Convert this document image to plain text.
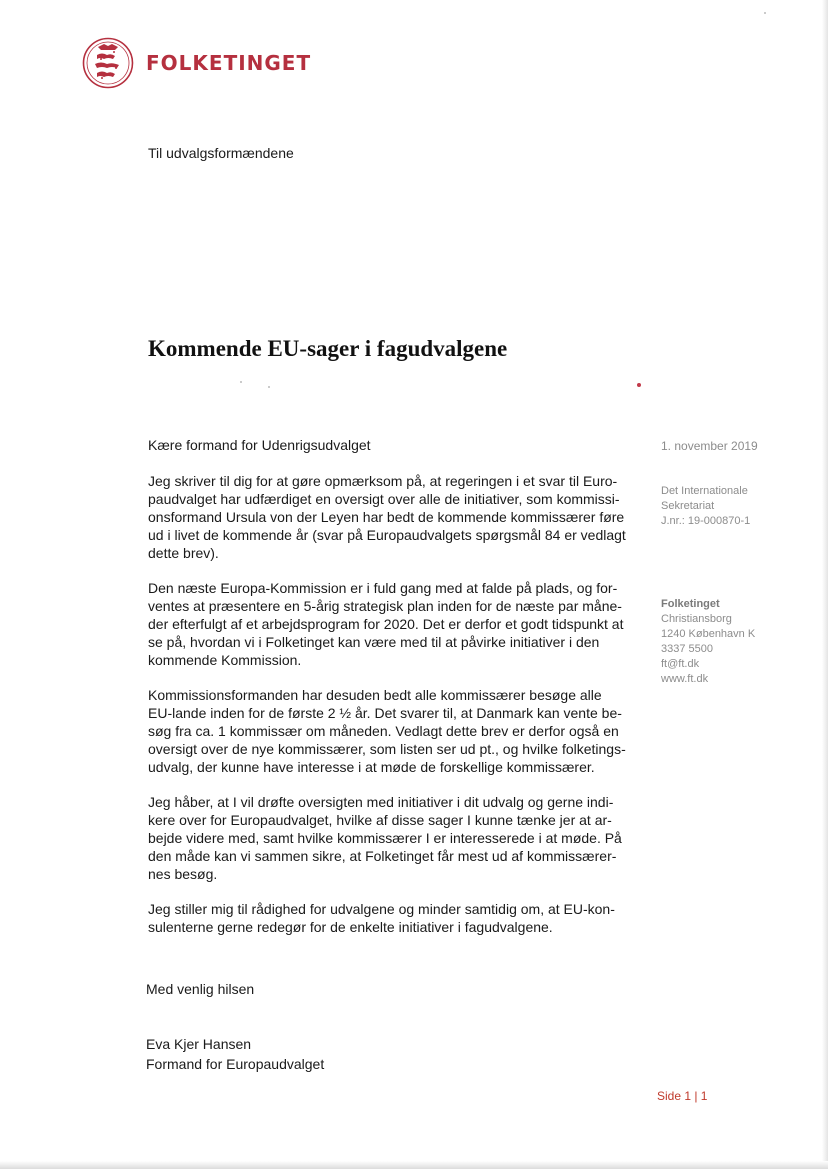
FOLKETINGET
Til udvalgsformændene
Kommende EU-sager i fagudvalgene
Kære formand for Udenrigsudvalget

Jeg skriver til dig for at gøre opmærksom på, at regeringen i et svar til Euro-
paudvalget har udfærdiget en oversigt over alle de initiativer, som kommissi-
onsformand Ursula von der Leyen har bedt de kommende kommissærer føre
ud i livet de kommende år (svar på Europaudvalgets spørgsmål 84 er vedlagt
dette brev).

Den næste Europa-Kommission er i fuld gang med at falde på plads, og for-
ventes at præsentere en 5-årig strategisk plan inden for de næste par måne-
der efterfulgt af et arbejdsprogram for 2020. Det er derfor et godt tidspunkt at
se på, hvordan vi i Folketinget kan være med til at påvirke initiativer i den
kommende Kommission.

Kommissionsformanden har desuden bedt alle kommissærer besøge alle
EU-lande inden for de første 2 ½ år. Det svarer til, at Danmark kan vente be-
søg fra ca. 1 kommissær om måneden. Vedlagt dette brev er derfor også en
oversigt over de nye kommissærer, som listen ser ud pt., og hvilke folketings-
udvalg, der kunne have interesse i at møde de forskellige kommissærer.

Jeg håber, at I vil drøfte oversigten med initiativer i dit udvalg og gerne indi-
kere over for Europaudvalget, hvilke af disse sager I kunne tænke jer at ar-
bejde videre med, samt hvilke kommissærer I er interesserede i at møde. På
den måde kan vi sammen sikre, at Folketinget får mest ud af kommissærer-
nes besøg.

Jeg stiller mig til rådighed for udvalgene og minder samtidig om, at EU-kon-
sulenterne gerne redegør for de enkelte initiativer i fagudvalgene.

Med venlig hilsen
Eva Kjer Hansen
Formand for Europaudvalget
1. november 2019
Det Internationale
Sekretariat
J.nr.: 19-000870-1
Folketinget
Christiansborg
1240 København K
3337 5500
ft@ft.dk
www.ft.dk
Side 1 | 1
